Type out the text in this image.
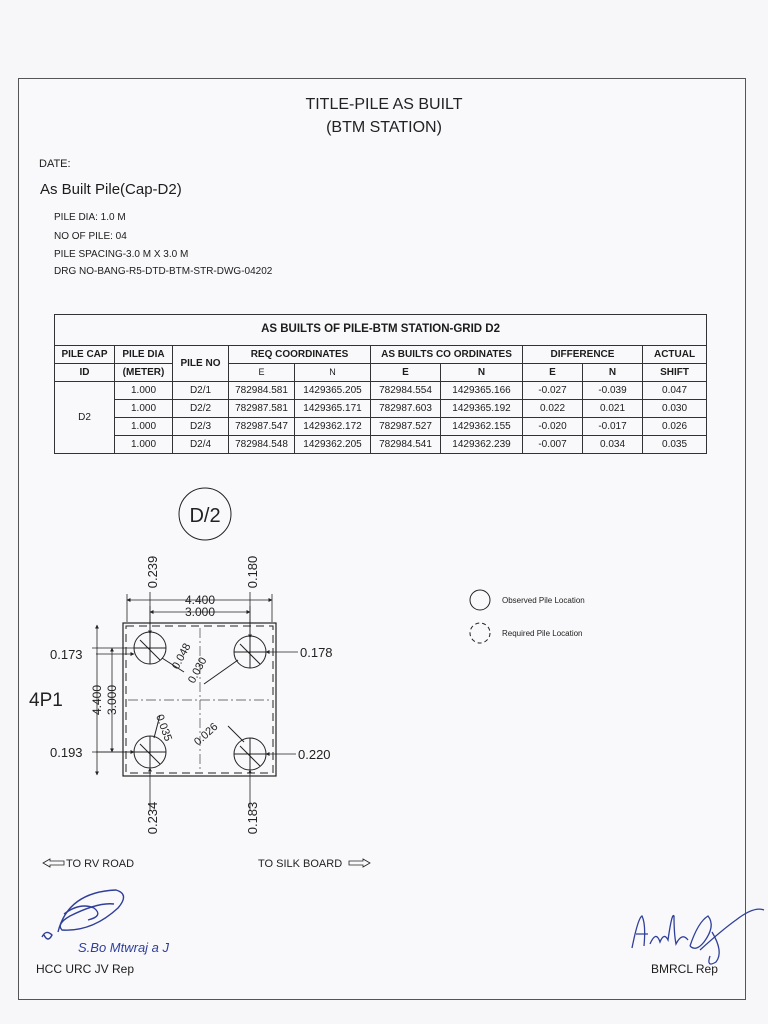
TITLE-PILE AS BUILT
(BTM STATION)
DATE:
As Built Pile(Cap-D2)
PILE DIA: 1.0 M
NO OF PILE: 04
PILE SPACING-3.0 M X 3.0 M
DRG NO-BANG-R5-DTD-BTM-STR-DWG-04202
AS BUILTS OF PILE-BTM STATION-GRID D2									
PILE CAP	PILE DIA	PILE NO	REQ COORDINATES		AS BUILTS CO ORDINATES		DIFFERENCE		ACTUAL
ID	(METER)		E	N	E	N	E	N	SHIFT
D2	1.000	D2/1	782984.581	1429365.205	782984.554	1429365.166	-0.027	-0.039	0.047
	1.000	D2/2	782987.581	1429365.171	782987.603	1429365.192	0.022	0.021	0.030
	1.000	D2/3	782987.547	1429362.172	782987.527	1429362.155	-0.020	-0.017	0.026
	1.000	D2/4	782984.548	1429362.205	782984.541	1429362.239	-0.007	0.034	0.035
D/2
4.400
3.000
4.400 3.000
0.239	0.180
0.234	0.183
0.173
0.193
0.178
0.220
0.048
0.030
0.035 0.026
4P1
TO RV ROAD	TO SILK BOARD
Observed Pile Location
Required Pile Location
S.Bo Mtwraj a J
HCC URC JV Rep	BMRCL Rep
